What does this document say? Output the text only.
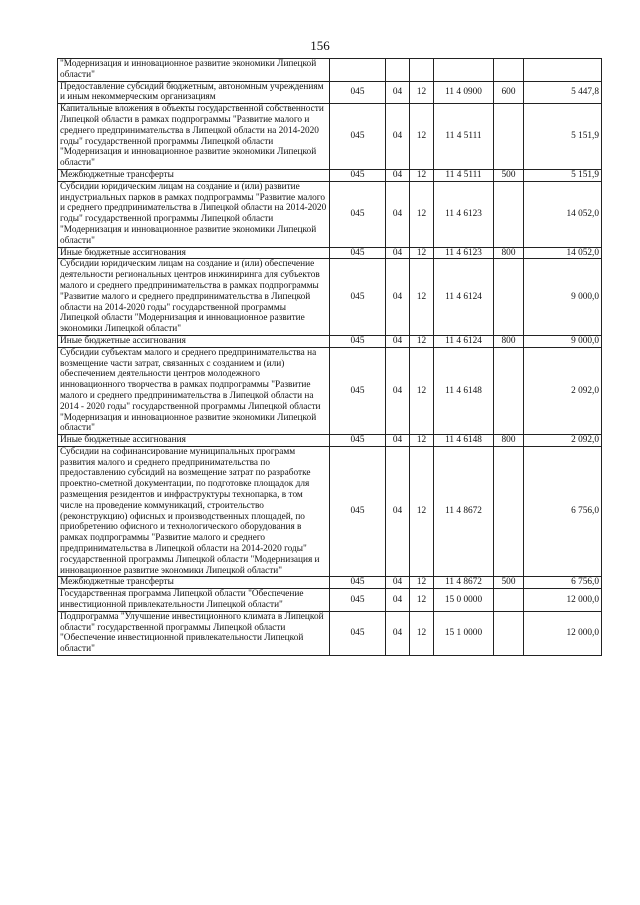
156
"Модернизация и инновационное развитие экономики Липецкой области"						
Предоставление субсидий бюджетным, автономным учреждениям и иным некоммерческим организациям	045	04	12	11 4 0900	600	5 447,8
Капитальные вложения в объекты государственной собственности Липецкой области в рамках подпрограммы "Развитие малого и среднего предпринимательства в Липецкой области на 2014-2020 годы" государственной программы Липецкой области "Модернизация и инновационное развитие экономики Липецкой области"	045	04	12	11 4 5111		5 151,9
Межбюджетные трансферты	045	04	12	11 4 5111	500	5 151,9
Субсидии юридическим лицам на создание и (или) развитие индустриальных парков в рамках подпрограммы "Развитие малого и среднего предпринимательства в Липецкой области на 2014-2020 годы" государственной программы Липецкой области "Модернизация и инновационное развитие экономики Липецкой области"	045	04	12	11 4 6123		14 052,0
Иные бюджетные ассигнования	045	04	12	11 4 6123	800	14 052,0
Субсидии юридическим лицам на создание и (или) обеспечение деятельности региональных центров инжиниринга для субъектов малого и среднего предпринимательства в рамках подпрограммы "Развитие малого и среднего предпринимательства в Липецкой области на 2014-2020 годы" государственной программы Липецкой области "Модернизация и инновационное развитие экономики Липецкой области"	045	04	12	11 4 6124		9 000,0
Иные бюджетные ассигнования	045	04	12	11 4 6124	800	9 000,0
Субсидии субъектам малого и среднего предпринимательства на возмещение части затрат, связанных с созданием и (или) обеспечением деятельности центров молодежного инновационного творчества в рамках подпрограммы "Развитие малого и среднего предпринимательства в Липецкой области на 2014 - 2020 годы" государственной программы Липецкой области "Модернизация и инновационное развитие экономики Липецкой области"	045	04	12	11 4 6148		2 092,0
Иные бюджетные ассигнования	045	04	12	11 4 6148	800	2 092,0
Субсидии на софинансирование муниципальных программ развития малого и среднего предпринимательства по предоставлению субсидий на возмещение затрат по разработке проектно-сметной документации, по подготовке площадок для размещения резидентов и инфраструктуры технопарка, в том числе на проведение коммуникаций, строительство (реконструкцию) офисных и производственных площадей, по приобретению офисного и технологического оборудования в рамках подпрограммы "Развитие малого и среднего предпринимательства в Липецкой области на 2014-2020 годы" государственной программы Липецкой области "Модернизация и инновационное развитие экономики Липецкой области"	045	04	12	11 4 8672		6 756,0
Межбюджетные трансферты	045	04	12	11 4 8672	500	6 756,0
Государственная программа Липецкой области "Обеспечение инвестиционной привлекательности Липецкой области"	045	04	12	15 0 0000		12 000,0
Подпрограмма "Улучшение инвестиционного климата в Липецкой области" государственной программы Липецкой области "Обеспечение инвестиционной привлекательности Липецкой области"	045	04	12	15 1 0000		12 000,0
